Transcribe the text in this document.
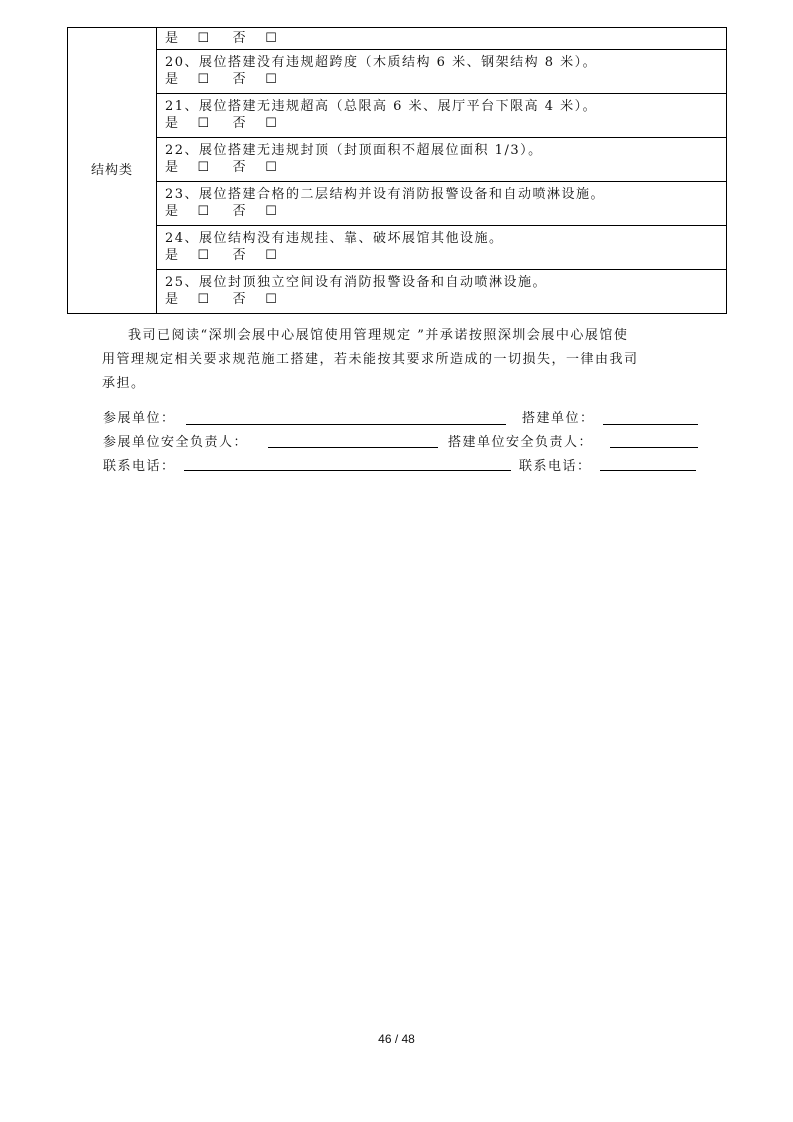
结构类	
是 ☐ 否 ☐

20、展位搭建没有违规超跨度（木质结构 6 米、钢架结构 8 米）。
是 ☐ 否 ☐

21、展位搭建无违规超高（总限高 6 米、展厅平台下限高 4 米）。
是 ☐ 否 ☐

22、展位搭建无违规封顶（封顶面积不超展位面积 1/3）。
是 ☐ 否 ☐

23、展位搭建合格的二层结构并设有消防报警设备和自动喷淋设施。
是 ☐ 否 ☐

24、展位结构没有违规挂、靠、破坏展馆其他设施。
是 ☐ 否 ☐

25、展位封顶独立空间设有消防报警设备和自动喷淋设施。
是 ☐ 否 ☐
我司已阅读“深圳会展中心展馆使用管理规定 ”并承诺按照深圳会展中心展馆使
用管理规定相关要求规范施工搭建，若未能按其要求所造成的一切损失，一律由我司
承担。
参展单位：	搭建单位：
参展单位安全负责人：	搭建单位安全负责人：
联系电话：	联系电话：
46 / 48
